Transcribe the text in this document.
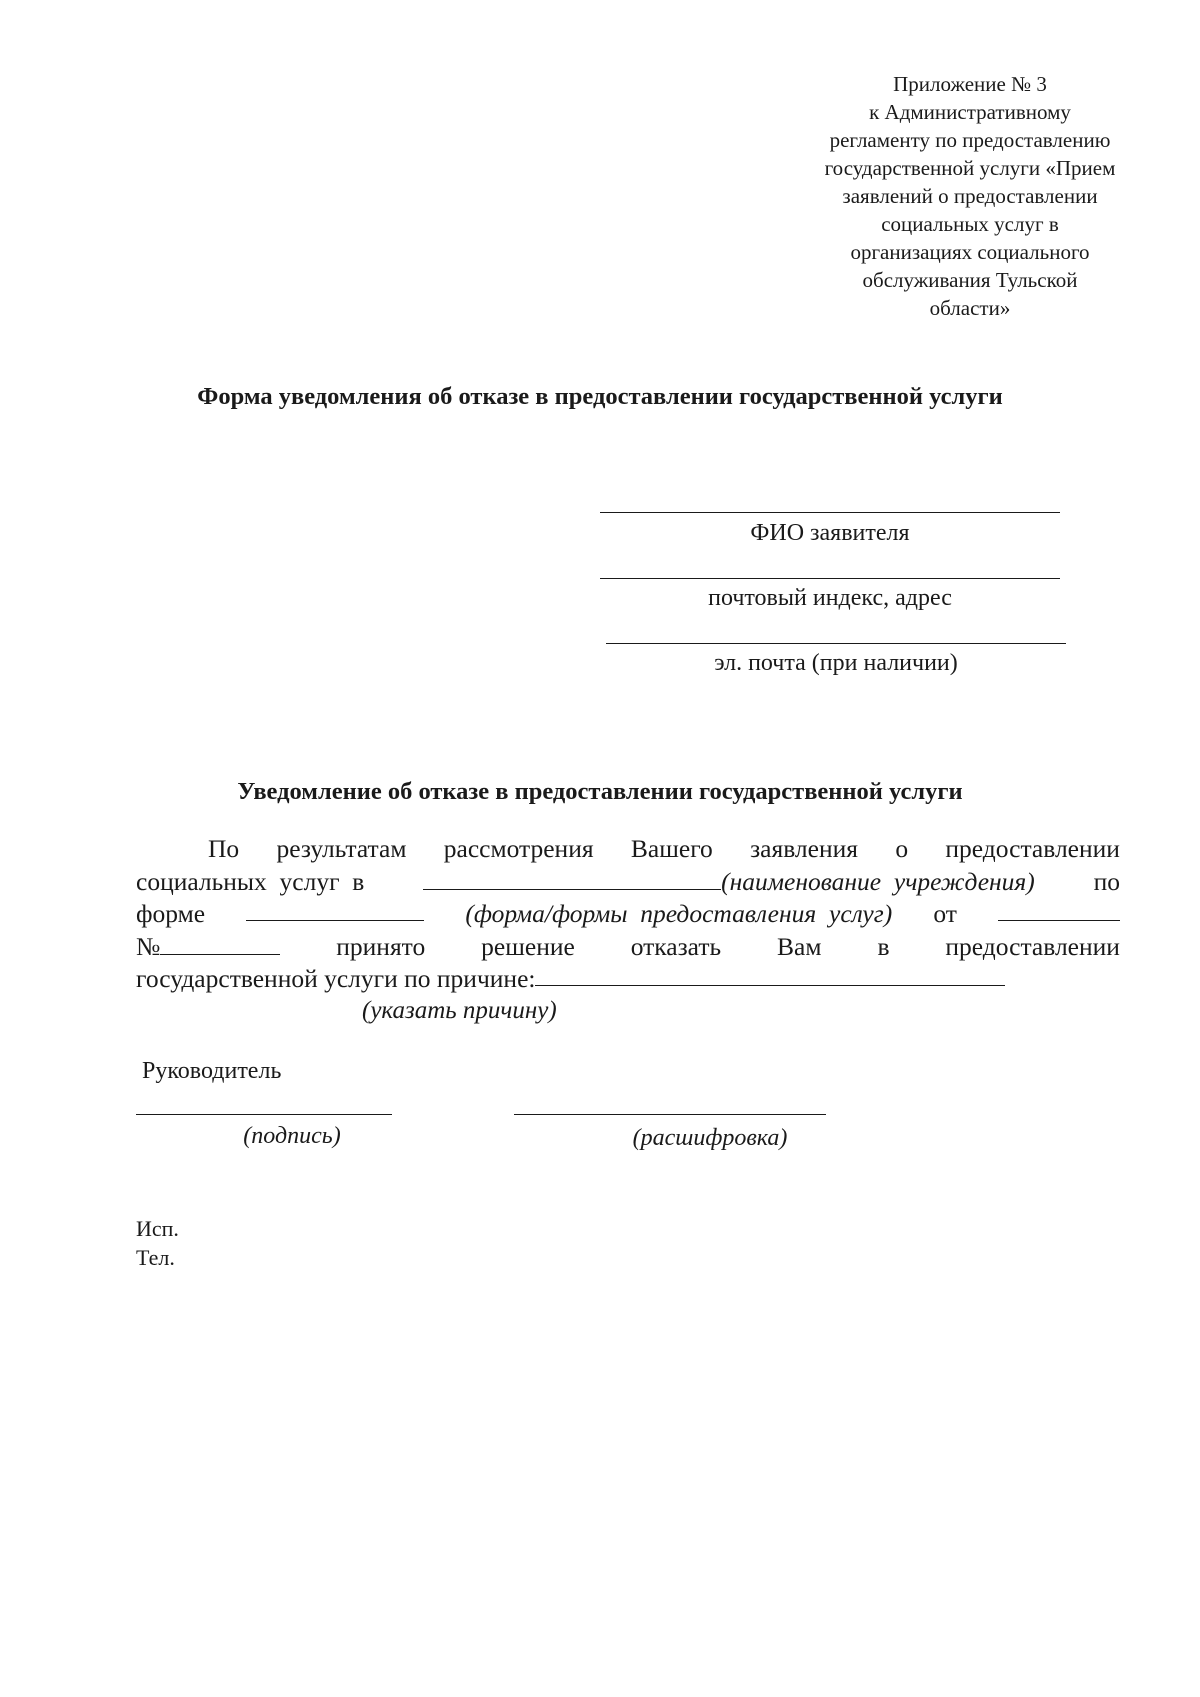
Приложение № 3
к Административному
регламенту по предоставлению
государственной услуги «Прием
заявлений о предоставлении
социальных услуг в
организациях социального
обслуживания Тульской
области»
Форма уведомления об отказе в предоставлении государственной услуги
ФИО заявителя
почтовый индекс, адрес
эл. почта (при наличии)
Уведомление об отказе в предоставлении государственной услуги
По результатам рассмотрения Вашего заявления о предоставлении
социальных  услуг  в	(наименование  учреждения) по
форме	(форма/формы  предоставления  услуг) от
№	принято решение отказать Вам в предоставлении
государственной услуги по причине:
(указать причину)
Руководитель
(подпись)	(расшифровка)
Исп.
Тел.
